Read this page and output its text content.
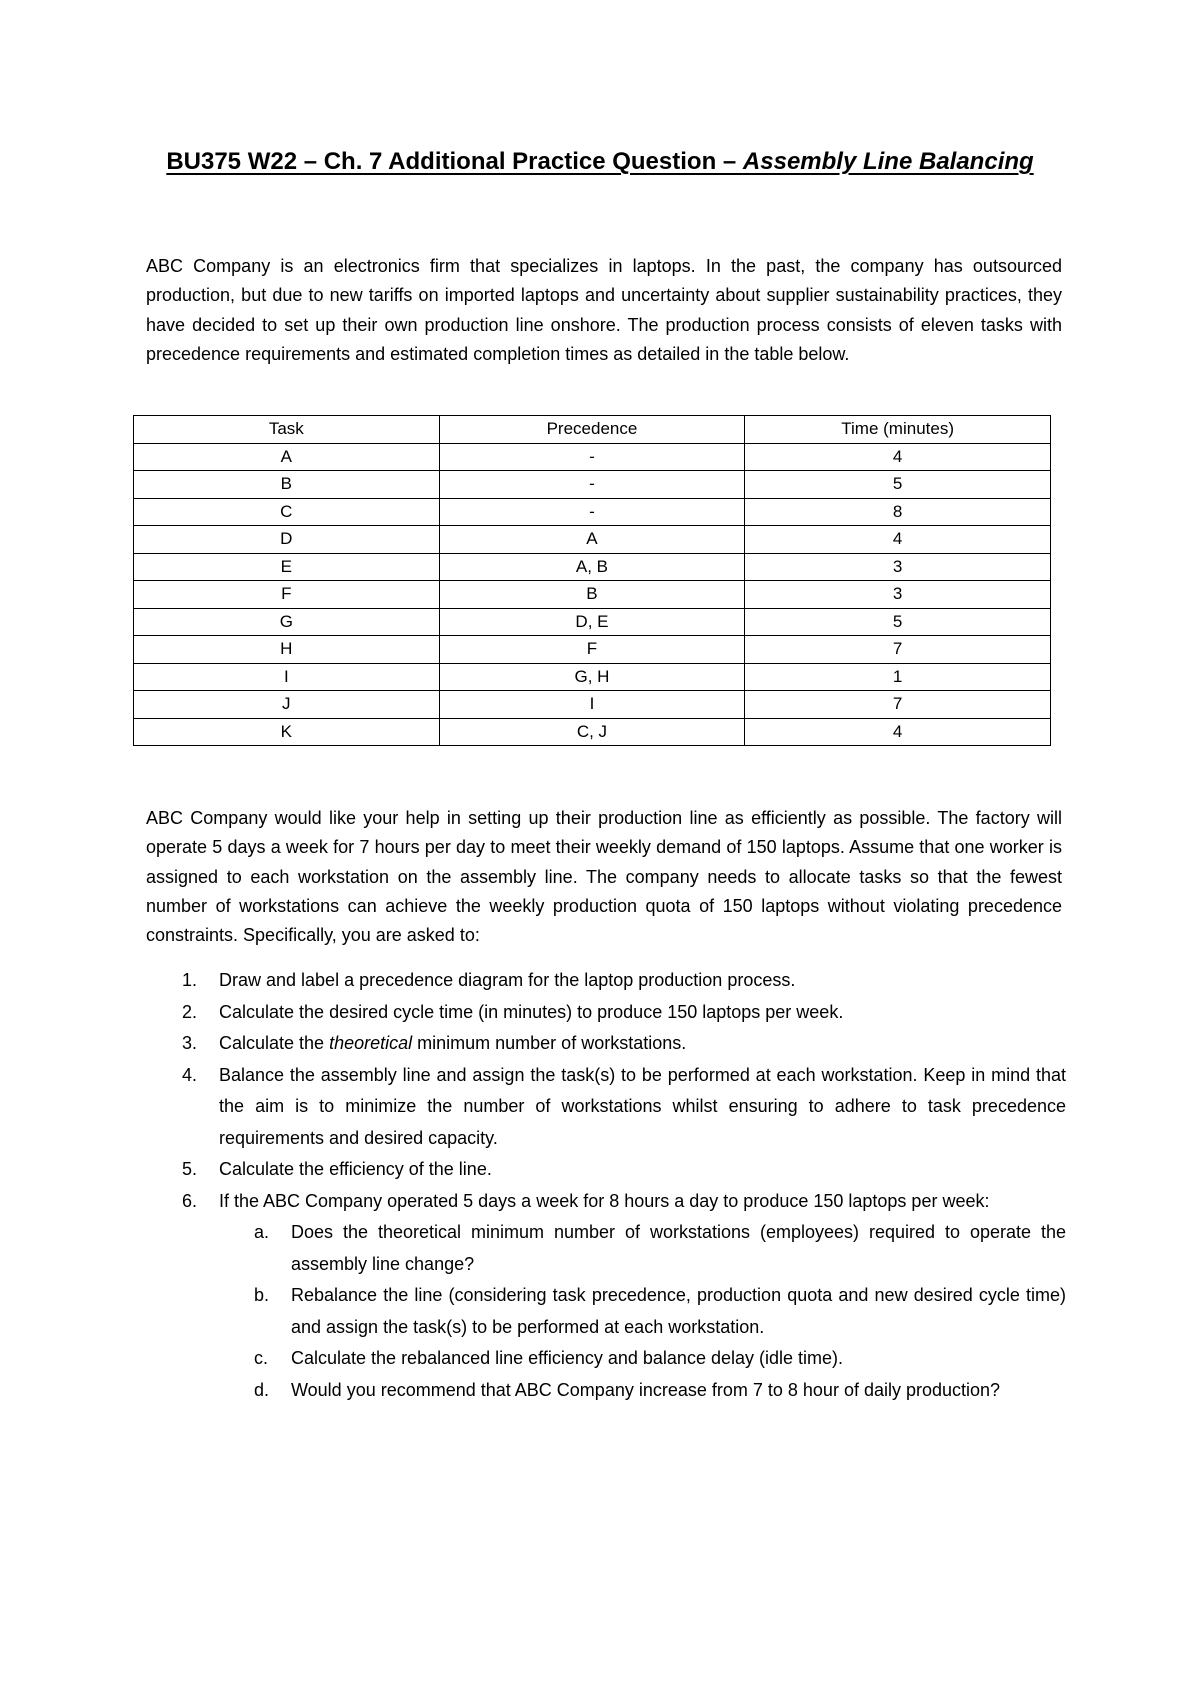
BU375 W22 – Ch. 7 Additional Practice Question – Assembly Line Balancing
ABC Company is an electronics firm that specializes in laptops. In the past, the company has outsourced production, but due to new tariffs on imported laptops and uncertainty about supplier sustainability practices, they have decided to set up their own production line onshore. The production process consists of eleven tasks with precedence requirements and estimated completion times as detailed in the table below.
Task	Precedence	Time (minutes)
A	-	4
B	-	5
C	-	8
D	A	4
E	A, B	3
F	B	3
G	D, E	5
H	F	7
I	G, H	1
J	I	7
K	C, J	4
ABC Company would like your help in setting up their production line as efficiently as possible. The factory will operate 5 days a week for 7 hours per day to meet their weekly demand of 150 laptops. Assume that one worker is assigned to each workstation on the assembly line. The company needs to allocate tasks so that the fewest number of workstations can achieve the weekly production quota of 150 laptops without violating precedence constraints. Specifically, you are asked to:
1. Draw and label a precedence diagram for the laptop production process.
2. Calculate the desired cycle time (in minutes) to produce 150 laptops per week.
3. Calculate the theoretical minimum number of workstations.
4. Balance the assembly line and assign the task(s) to be performed at each workstation. Keep in mind that the aim is to minimize the number of workstations whilst ensuring to adhere to task precedence requirements and desired capacity.
5. Calculate the efficiency of the line.
6. If the ABC Company operated 5 days a week for 8 hours a day to produce 150 laptops per week:
a. Does the theoretical minimum number of workstations (employees) required to operate the assembly line change?
b. Rebalance the line (considering task precedence, production quota and new desired cycle time) and assign the task(s) to be performed at each workstation.
c. Calculate the rebalanced line efficiency and balance delay (idle time).
d. Would you recommend that ABC Company increase from 7 to 8 hour of daily production?
